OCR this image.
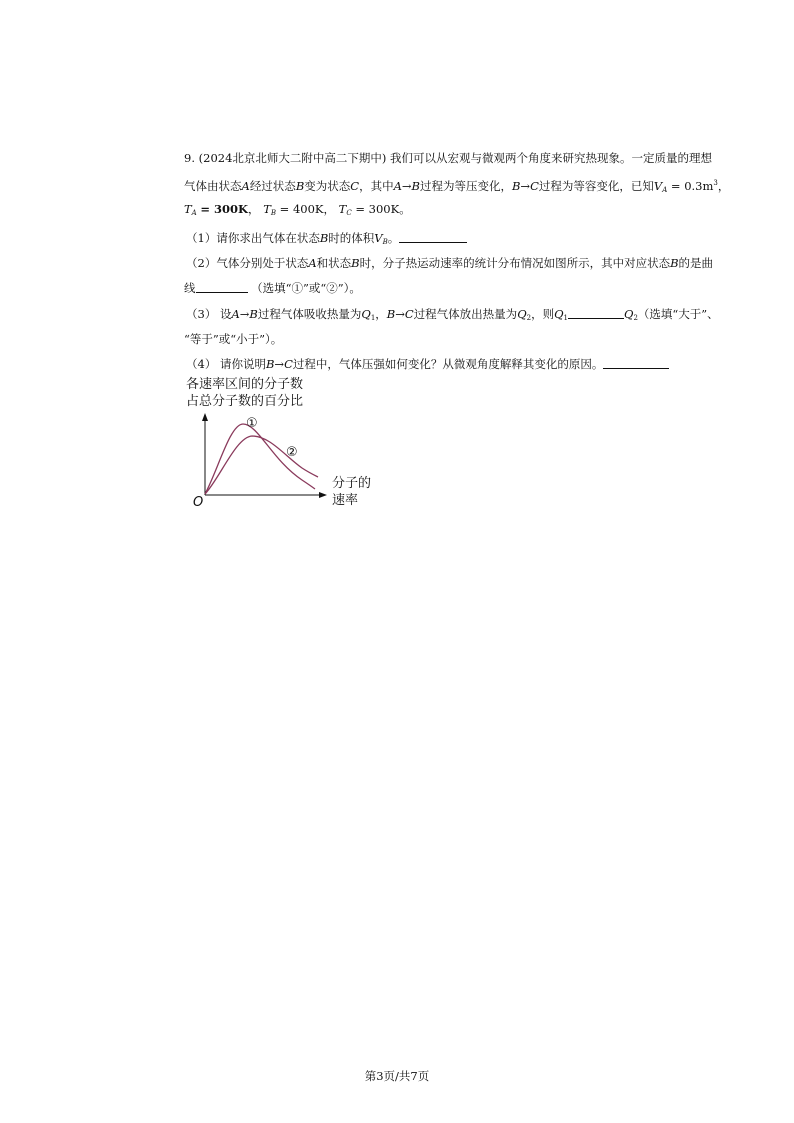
9. (2024北京北师大二附中高二下期中) 我们可以从宏观与微观两个角度来研究热现象。一定质量的理想
气体由状态A经过状态B变为状态C，其中A→B过程为等压变化，B→C过程为等容变化，已知$V_A = 0.3m^3$，
$T_A = 300K$， $T_B = 400K$， $T_C = 300K$。
（1）请你求出气体在状态B时的体积$V_B$。
（2）气体分别处于状态A和状态B时，分子热运动速率的统计分布情况如图所示，其中对应状态B的是曲
线	（选填“①”或“②”）。
（3） 设A→B过程气体吸收热量为$Q_1$，B→C过程气体放出热量为$Q_2$，则$Q_1$	$Q_2$（选填“大于”、
“等于”或“小于”）。
（4） 请你说明B→C过程中，气体压强如何变化？从微观角度解释其变化的原因。
各速率区间的分子数
占总分子数的百分比
O
分子的
速率
①
②
第3页/共7页
